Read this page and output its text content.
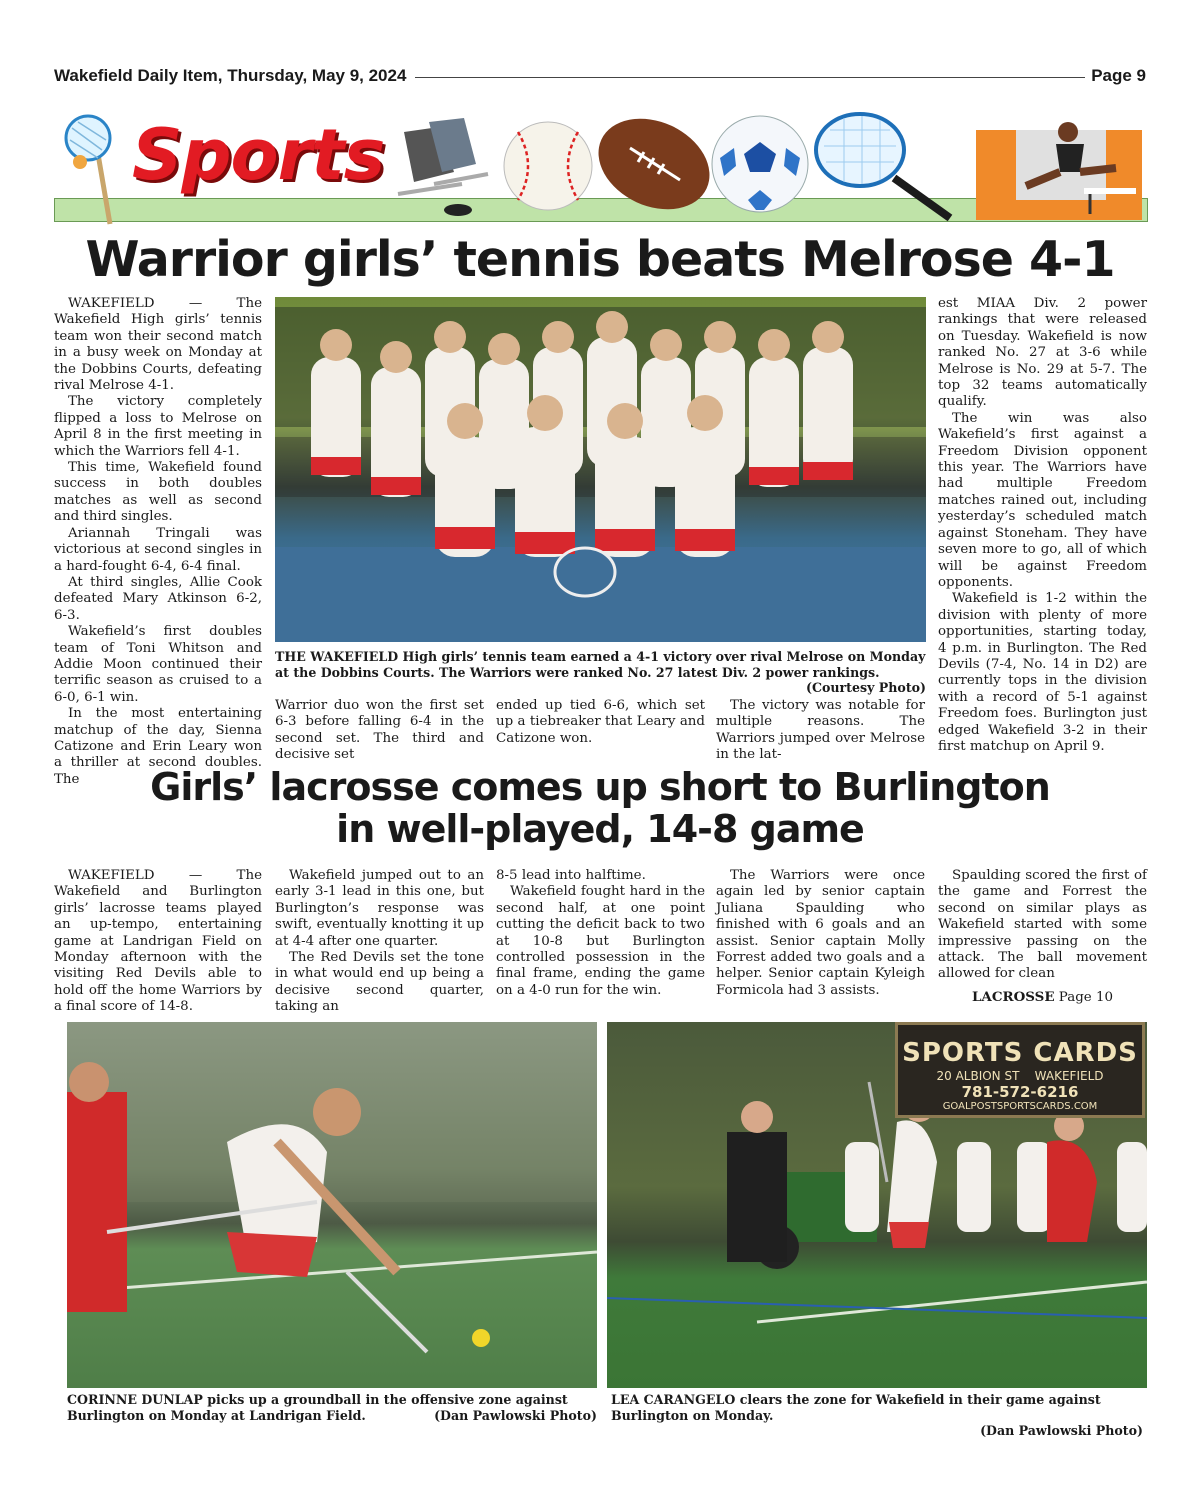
Wakefield Daily Item, Thursday, May 9, 2024	Page 9
Sports
Warrior girls’ tennis beats Melrose 4-1

WAKEFIELD — The Wakefield High girls’ tennis team won their second match in a busy week on Monday at the Dobbins Courts, defeating rival Melrose 4-1.

The victory completely flipped a loss to Melrose on April 8 in the first meeting in which the Warriors fell 4-1.

This time, Wakefield found success in both doubles matches as well as second and third singles.

Ariannah Tringali was victorious at second singles in a hard-fought 6-4, 6-4 final.

At third singles, Allie Cook defeated Mary Atkinson 6-2, 6-3.

Wakefield’s first doubles team of Toni Whitson and Addie Moon continued their terrific season as cruised to a 6-0, 6-1 win.

In the most entertaining matchup of the day, Sienna Catizone and Erin Leary won a thriller at second doubles. The

THE WAKEFIELD High girls’ tennis team earned a 4-1 victory over rival Melrose on Monday at the Dobbins Courts. The Warriors were ranked No. 27 latest Div. 2 power rankings.
(Courtesy Photo)

Warrior duo won the first set 6-3 before falling 6-4 in the second set. The third and decisive set

ended up tied 6-6, which set up a tiebreaker that Leary and Catizone won.

The victory was notable for multiple reasons. The Warriors jumped over Melrose in the lat-

est MIAA Div. 2 power rankings that were released on Tuesday. Wakefield is now ranked No. 27 at 3-6 while Melrose is No. 29 at 5-7. The top 32 teams automatically qualify.

The win was also Wakefield’s first against a Freedom Division opponent this year. The Warriors have had multiple Freedom matches rained out, including yesterday’s scheduled match against Stoneham. They have seven more to go, all of which will be against Freedom opponents.

Wakefield is 1-2 within the division with plenty of more opportunities, starting today, 4 p.m. in Burlington. The Red Devils (7-4, No. 14 in D2) are currently tops in the division with a record of 5-1 against Freedom foes. Burlington just edged Wakefield 3-2 in their first matchup on April 9.

Girls’ lacrosse comes up short to Burlington
in well-played, 14-8 game

WAKEFIELD — The Wakefield and Burlington girls’ lacrosse teams played an up-tempo, entertaining game at Landrigan Field on Monday afternoon with the visiting Red Devils able to hold off the home Warriors by a final score of 14-8.

Wakefield jumped out to an early 3-1 lead in this one, but Burlington’s response was swift, eventually knotting it up at 4-4 after one quarter.

The Red Devils set the tone in what would end up being a decisive second quarter, taking an

8-5 lead into halftime.

Wakefield fought hard in the second half, at one point cutting the deficit back to two at 10-8 but Burlington controlled possession in the final frame, ending the game on a 4-0 run for the win.

The Warriors were once again led by senior captain Juliana Spaulding who finished with 6 goals and an assist. Senior captain Molly Forrest added two goals and a helper. Senior captain Kyleigh Formicola had 3 assists.

Spaulding scored the first of the game and Forrest the second on similar plays as Wakefield started with some impressive passing on the attack. The ball movement allowed for clean

LACROSSE Page 10
CORINNE DUNLAP picks up a groundball in the offensive zone against Burlington on Monday at Landrigan Field.	(Dan Pawlowski Photo)
SPORTS CARDS
20 ALBION ST    WAKEFIELD
781-572-6216
GOALPOSTSPORTSCARDS.COM
LEA CARANGELO clears the zone for Wakefield in their game against Burlington on Monday.
(Dan Pawlowski Photo)
